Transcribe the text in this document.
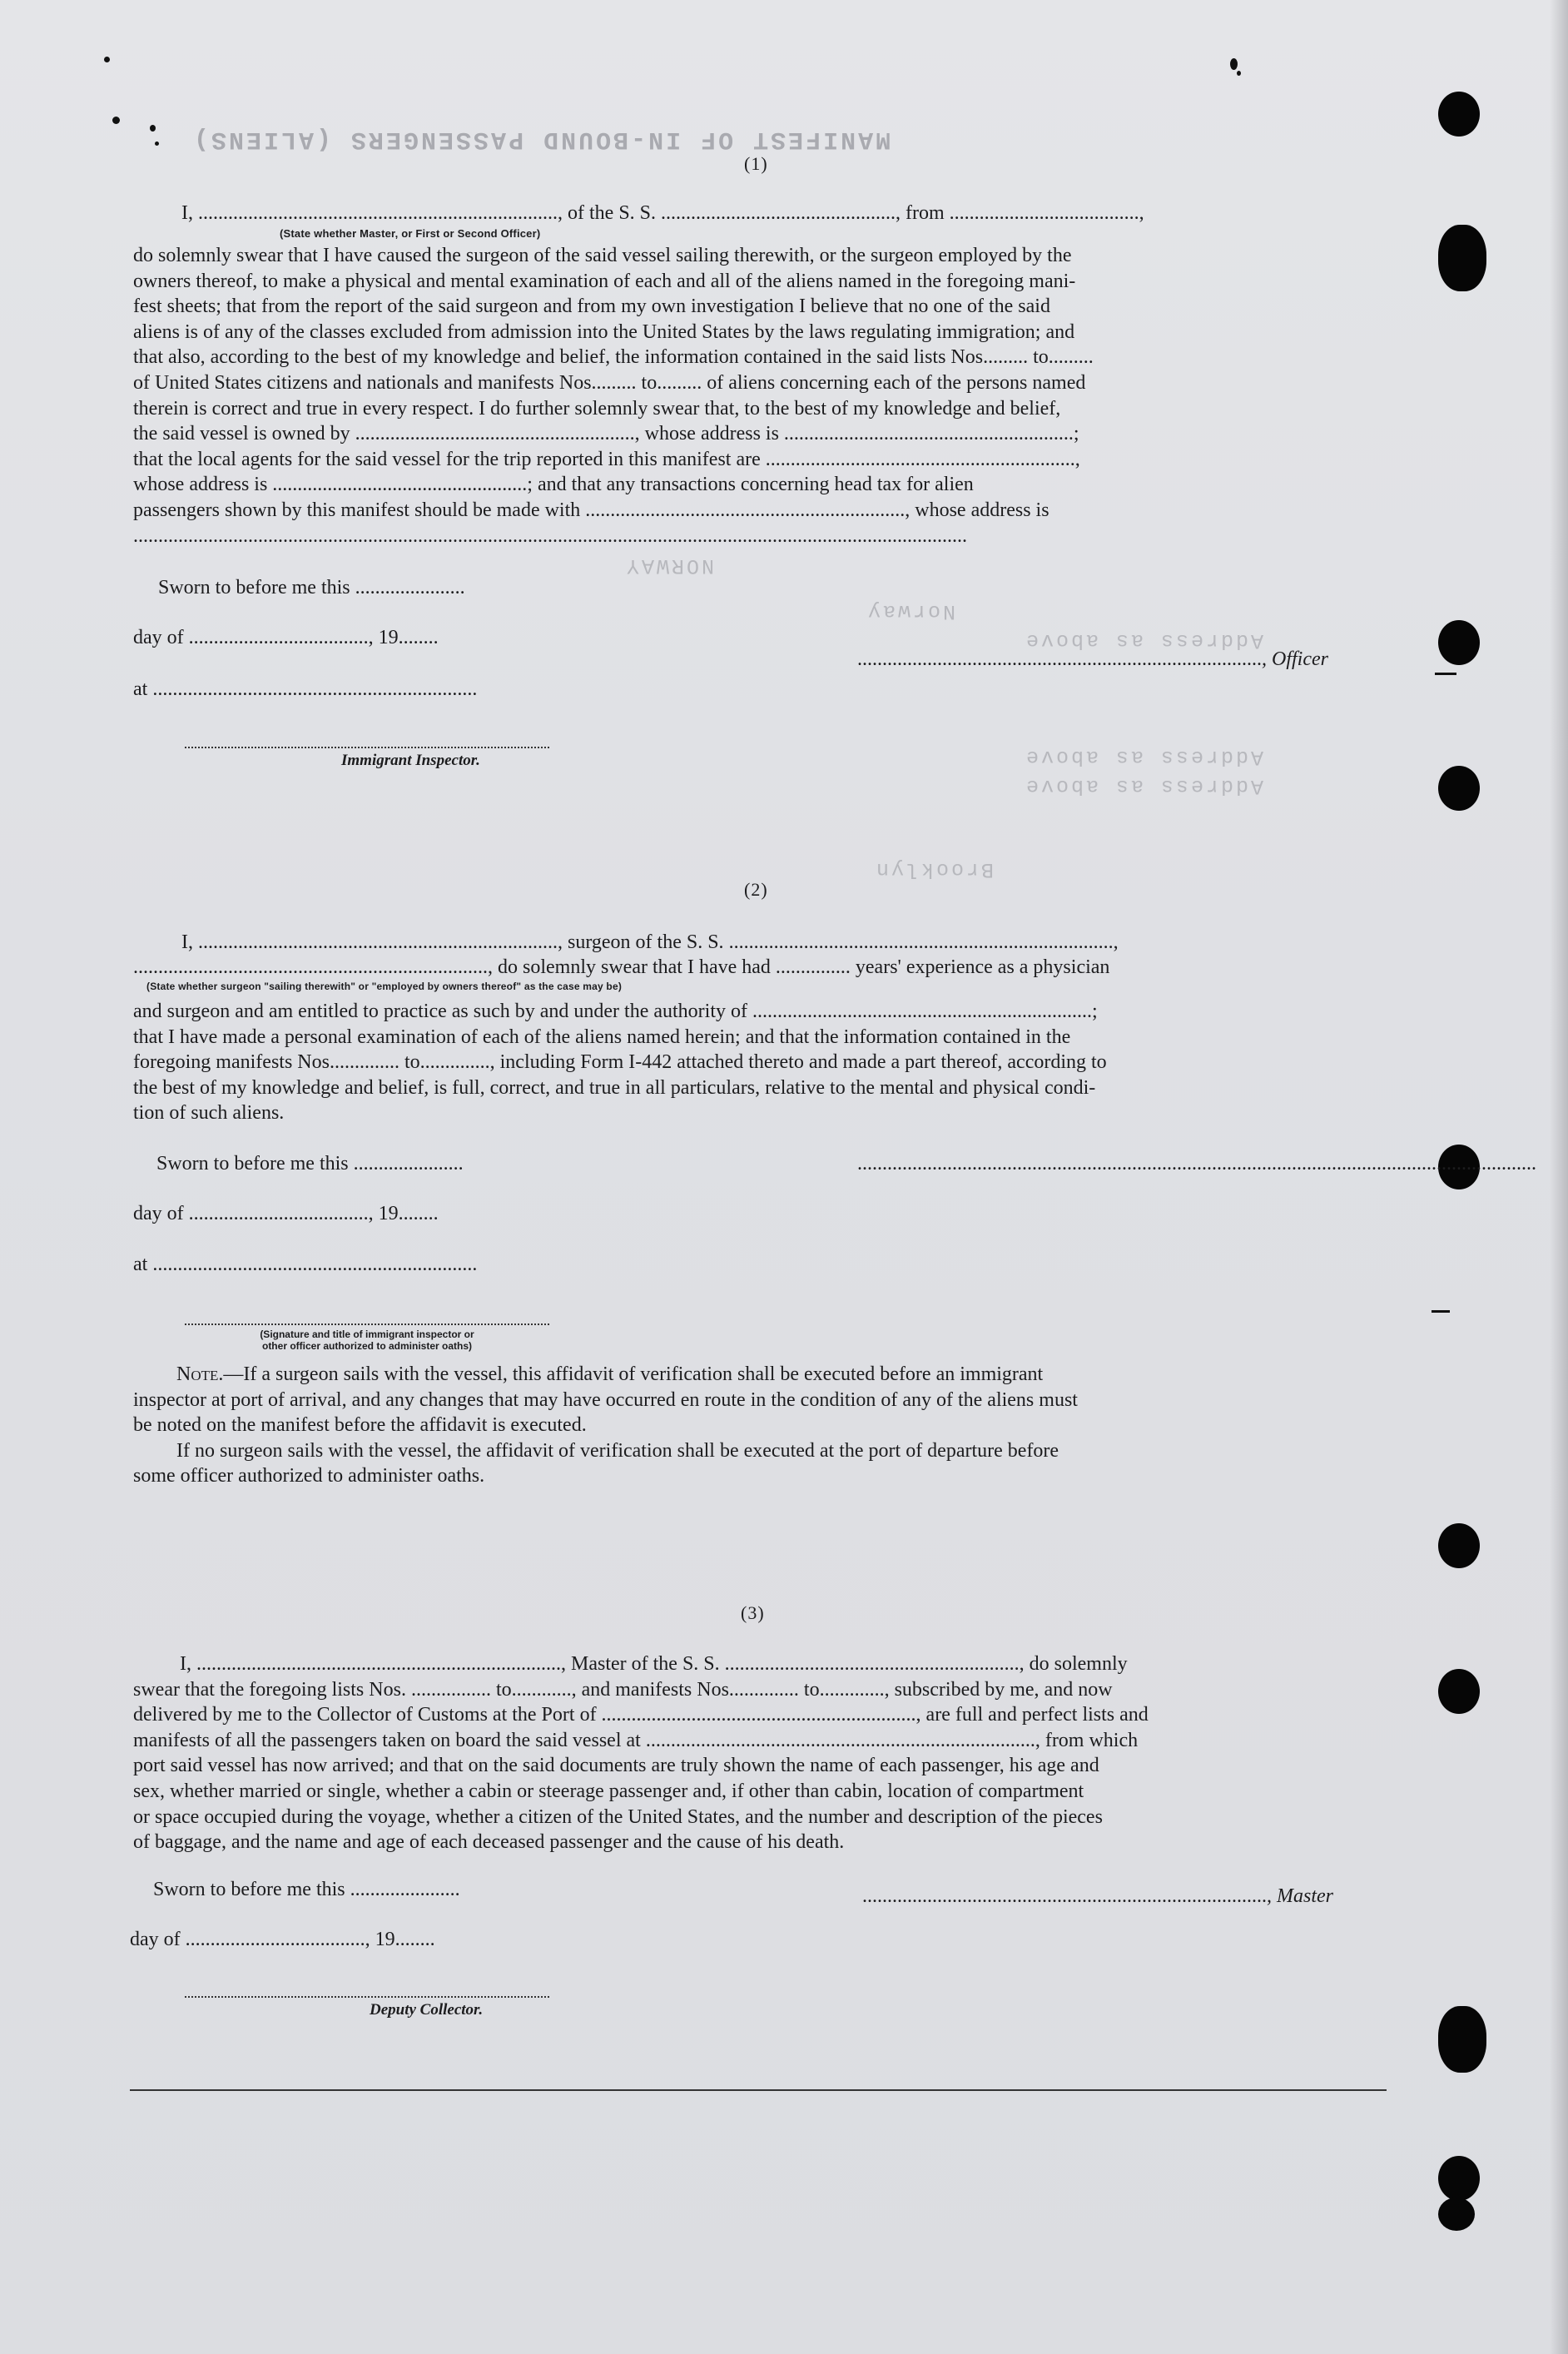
MANIFEST OF IN-BOUND PASSENGERS (ALIENS)
NORWAY
Norway
Address as above
Address as above
Address as above
Brooklyn
(1)
I, ........................................................................, of the S. S. ..............................................., from ......................................,
(State whether Master, or First or Second Officer)
do solemnly swear that I have caused the surgeon of the said vessel sailing therewith, or the surgeon employed by the
owners thereof, to make a physical and mental examination of each and all of the aliens named in the foregoing mani-
fest sheets; that from the report of the said surgeon and from my own investigation I believe that no one of the said
aliens is of any of the classes excluded from admission into the United States by the laws regulating immigration; and
that also, according to the best of my knowledge and belief, the information contained in the said lists Nos......... to.........
of United States citizens and nationals and manifests Nos......... to......... of aliens concerning each of the persons named
therein is correct and true in every respect. I do further solemnly swear that, to the best of my knowledge and belief,
the said vessel is owned by ........................................................, whose address is ..........................................................;
that the local agents for the said vessel for the trip reported in this manifest are ..............................................................,
whose address is ...................................................; and that any transactions concerning head tax for alien
passengers shown by this manifest should be made with ................................................................, whose address is
.......................................................................................................................................................................
Sworn to before me this ......................
day of ...................................., 19........
................................................................................., Officer
at .................................................................
Immigrant Inspector.
(2)
I, ........................................................................, surgeon of the S. S. .............................................................................,
......................................................................., do solemnly swear that I have had ............... years' experience as a physician
(State whether surgeon "sailing therewith" or "employed by owners thereof" as the case may be)
and surgeon and am entitled to practice as such by and under the authority of ....................................................................;
that I have made a personal examination of each of the aliens named herein; and that the information contained in the
foregoing manifests Nos.............. to.............., including Form I-442 attached thereto and made a part thereof, according to
the best of my knowledge and belief, is full, correct, and true in all particulars, relative to the mental and physical condi-
tion of such aliens.
Sworn to before me this ......................	........................................................................................................................................
day of ...................................., 19........
at .................................................................
(Signature and title of immigrant inspector or
other officer authorized to administer oaths)
Note.—If a surgeon sails with the vessel, this affidavit of verification shall be executed before an immigrant
inspector at port of arrival, and any changes that may have occurred en route in the condition of any of the aliens must
be noted on the manifest before the affidavit is executed.
If no surgeon sails with the vessel, the affidavit of verification shall be executed at the port of departure before
some officer authorized to administer oaths.
(3)
I, ........................................................................., Master of the S. S. ..........................................................., do solemnly
swear that the foregoing lists Nos. ................ to............, and manifests Nos.............. to............., subscribed by me, and now
delivered by me to the Collector of Customs at the Port of ..............................................................., are full and perfect lists and
manifests of all the passengers taken on board the said vessel at .............................................................................., from which
port said vessel has now arrived; and that on the said documents are truly shown the name of each passenger, his age and
sex, whether married or single, whether a cabin or steerage passenger and, if other than cabin, location of compartment
or space occupied during the voyage, whether a citizen of the United States, and the number and description of the pieces
of baggage, and the name and age of each deceased passenger and the cause of his death.
Sworn to before me this ......................	................................................................................., Master
day of ...................................., 19........
Deputy Collector.
